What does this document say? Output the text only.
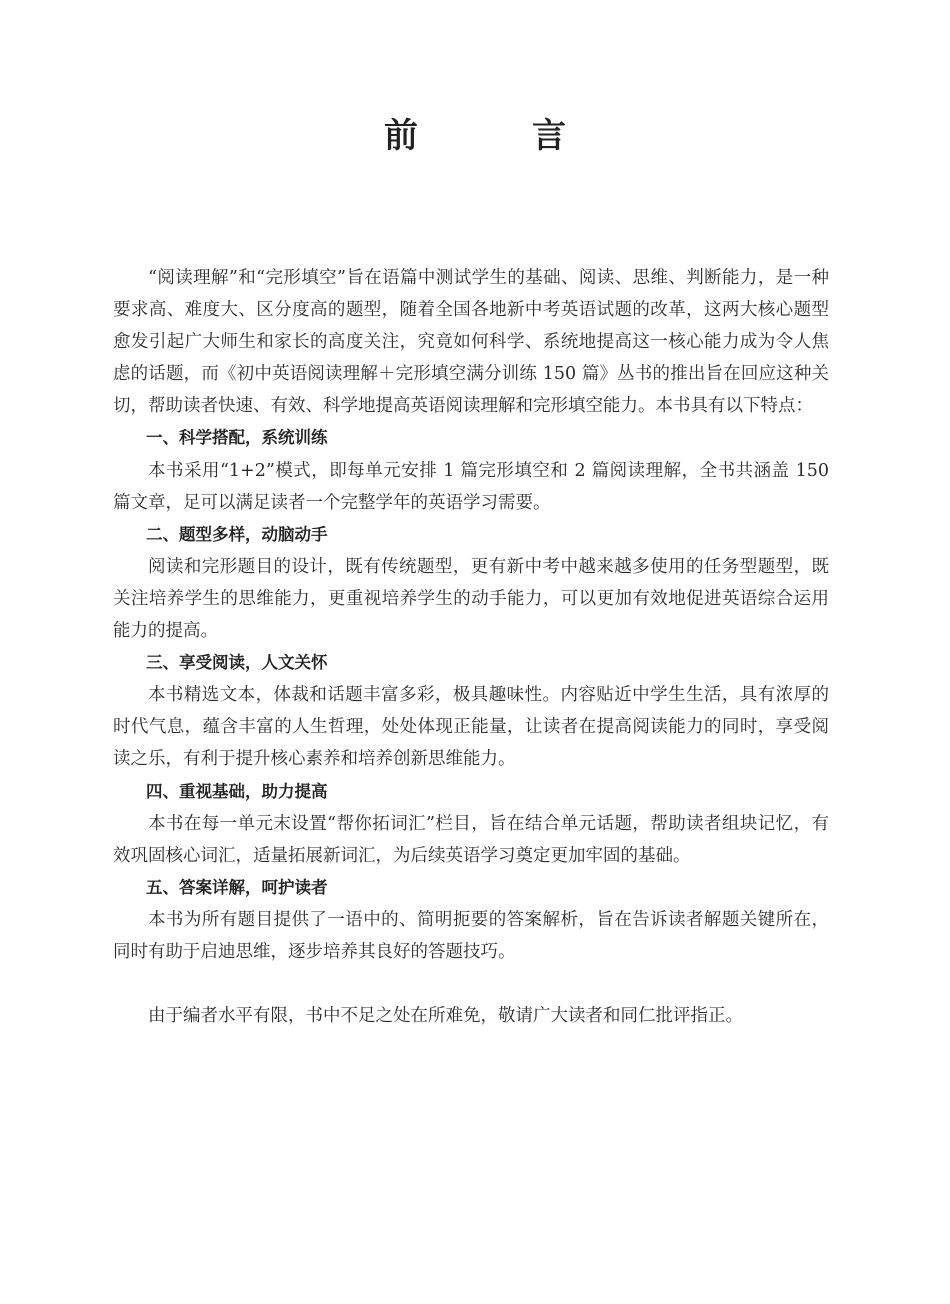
前　言

“阅读理解”和“完形填空”旨在语篇中测试学生的基础、阅读、思维、判断能力，是一种要求高、难度大、区分度高的题型，随着全国各地新中考英语试题的改革，这两大核心题型愈发引起广大师生和家长的高度关注，究竟如何科学、系统地提高这一核心能力成为令人焦虑的话题，而《初中英语阅读理解＋完形填空满分训练 150 篇》丛书的推出旨在回应这种关切，帮助读者快速、有效、科学地提高英语阅读理解和完形填空能力。本书具有以下特点：

一、科学搭配，系统训练

本书采用“1+2”模式，即每单元安排 1 篇完形填空和 2 篇阅读理解，全书共涵盖 150 篇文章，足可以满足读者一个完整学年的英语学习需要。

二、题型多样，动脑动手

阅读和完形题目的设计，既有传统题型，更有新中考中越来越多使用的任务型题型，既关注培养学生的思维能力，更重视培养学生的动手能力，可以更加有效地促进英语综合运用能力的提高。

三、享受阅读，人文关怀

本书精选文本，体裁和话题丰富多彩，极具趣味性。内容贴近中学生生活，具有浓厚的时代气息，蕴含丰富的人生哲理，处处体现正能量，让读者在提高阅读能力的同时，享受阅读之乐，有利于提升核心素养和培养创新思维能力。

四、重视基础，助力提高

本书在每一单元末设置“帮你拓词汇”栏目，旨在结合单元话题，帮助读者组块记忆，有效巩固核心词汇，适量拓展新词汇，为后续英语学习奠定更加牢固的基础。

五、答案详解，呵护读者

本书为所有题目提供了一语中的、简明扼要的答案解析，旨在告诉读者解题关键所在，同时有助于启迪思维，逐步培养其良好的答题技巧。

由于编者水平有限，书中不足之处在所难免，敬请广大读者和同仁批评指正。
